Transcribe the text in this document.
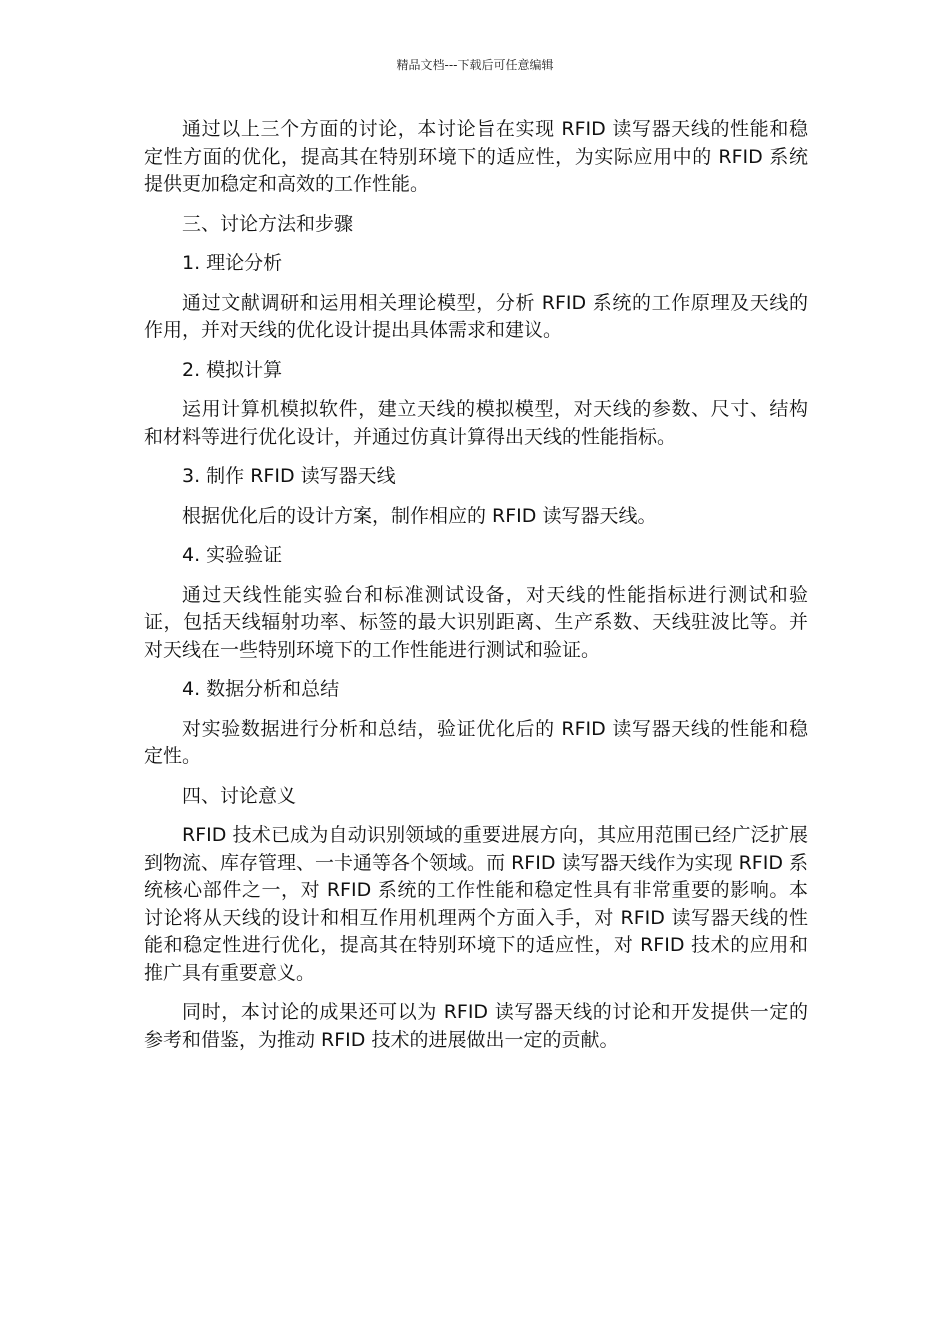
精品文档---下载后可任意编辑

通过以上三个方面的讨论，本讨论旨在实现 RFID 读写器天线的性能和稳定性方面的优化，提高其在特别环境下的适应性，为实际应用中的 RFID 系统提供更加稳定和高效的工作性能。

三、讨论方法和步骤

1. 理论分析

通过文献调研和运用相关理论模型，分析 RFID 系统的工作原理及天线的作用，并对天线的优化设计提出具体需求和建议。

2. 模拟计算

运用计算机模拟软件，建立天线的模拟模型，对天线的参数、尺寸、结构和材料等进行优化设计，并通过仿真计算得出天线的性能指标。

3. 制作 RFID 读写器天线

根据优化后的设计方案，制作相应的 RFID 读写器天线。

4. 实验验证

通过天线性能实验台和标准测试设备，对天线的性能指标进行测试和验证，包括天线辐射功率、标签的最大识别距离、生产系数、天线驻波比等。并对天线在一些特别环境下的工作性能进行测试和验证。

4. 数据分析和总结

对实验数据进行分析和总结，验证优化后的 RFID 读写器天线的性能和稳定性。

四、讨论意义

RFID 技术已成为自动识别领域的重要进展方向，其应用范围已经广泛扩展到物流、库存管理、一卡通等各个领域。而 RFID 读写器天线作为实现 RFID 系统核心部件之一，对 RFID 系统的工作性能和稳定性具有非常重要的影响。本讨论将从天线的设计和相互作用机理两个方面入手，对 RFID 读写器天线的性能和稳定性进行优化，提高其在特别环境下的适应性，对 RFID 技术的应用和推广具有重要意义。

同时，本讨论的成果还可以为 RFID 读写器天线的讨论和开发提供一定的参考和借鉴，为推动 RFID 技术的进展做出一定的贡献。
